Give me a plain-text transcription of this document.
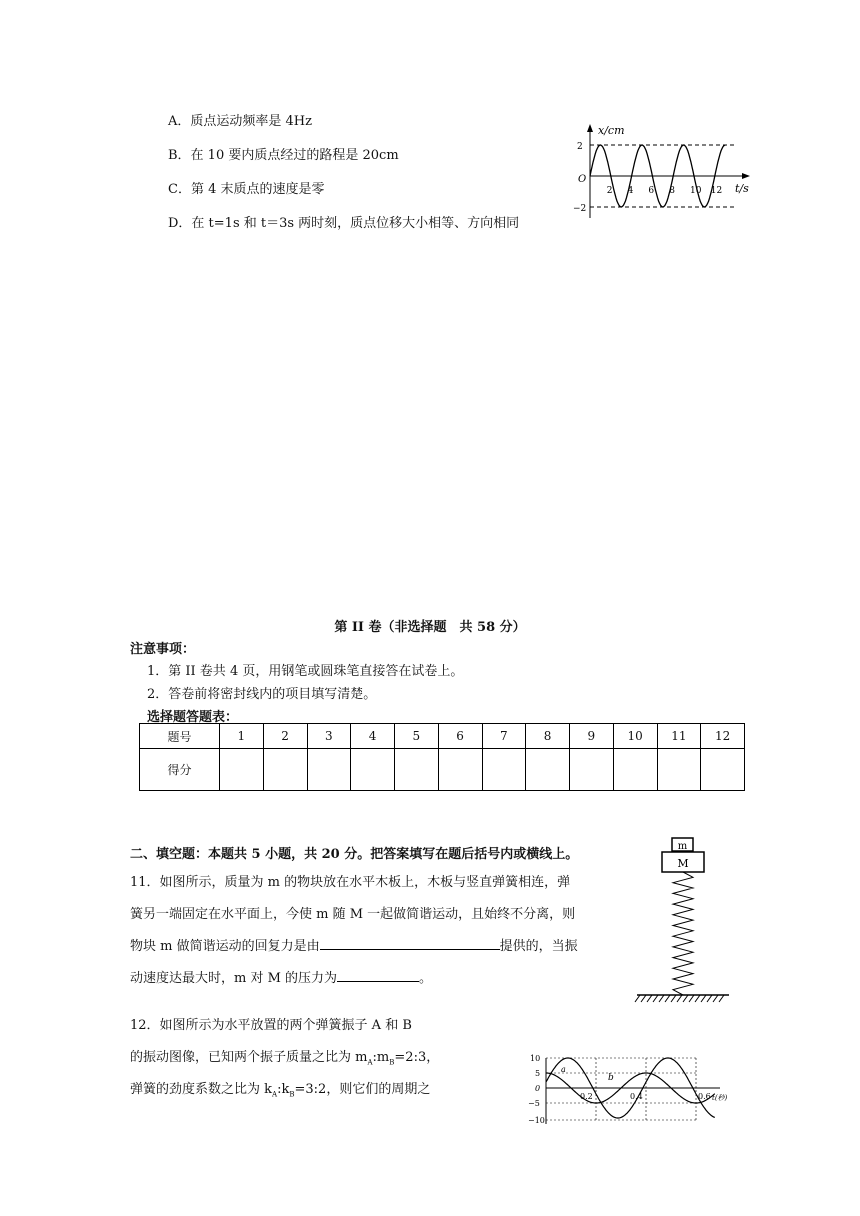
A．质点运动频率是 4Hz
B．在 10 要内质点经过的路程是 20cm
C．第 4 末质点的速度是零
D．在 t=1s 和 t＝3s 两时刻，质点位移大小相等、方向相同
x/cm
t/s
O
2
−2
2 4 6 8 10 12
第 II 卷（非选择题　共 58 分）
注意事项：
1．第 II 卷共 4 页，用钢笔或圆珠笔直接答在试卷上。
2．答卷前将密封线内的项目填写清楚。
选择题答题表：
题号	1	2	3	4	5	6	7	8	9	10	11	12
得分												
二、填空题：本题共 5 小题，共 20 分。把答案填写在题后括号内或横线上。
11．如图所示，质量为 m 的物块放在水平木板上，木板与竖直弹簧相连，弹
簧另一端固定在水平面上，今使 m 随 M 一起做简谐运动，且始终不分离，则
物块 m 做简谐运动的回复力是由	提供的，当振
动速度达最大时，m 对 M 的压力为	。
m
M
12．如图所示为水平放置的两个弹簧振子 A 和 B
的振动图像，已知两个振子质量之比为 $m_A:m_B=2:3$，
弹簧的劲度系数之比为 $k_A:k_B=3:2$，则它们的周期之
10
5
0
−5
−10
0.2	0.4	0.6 t(秒)
a
b
